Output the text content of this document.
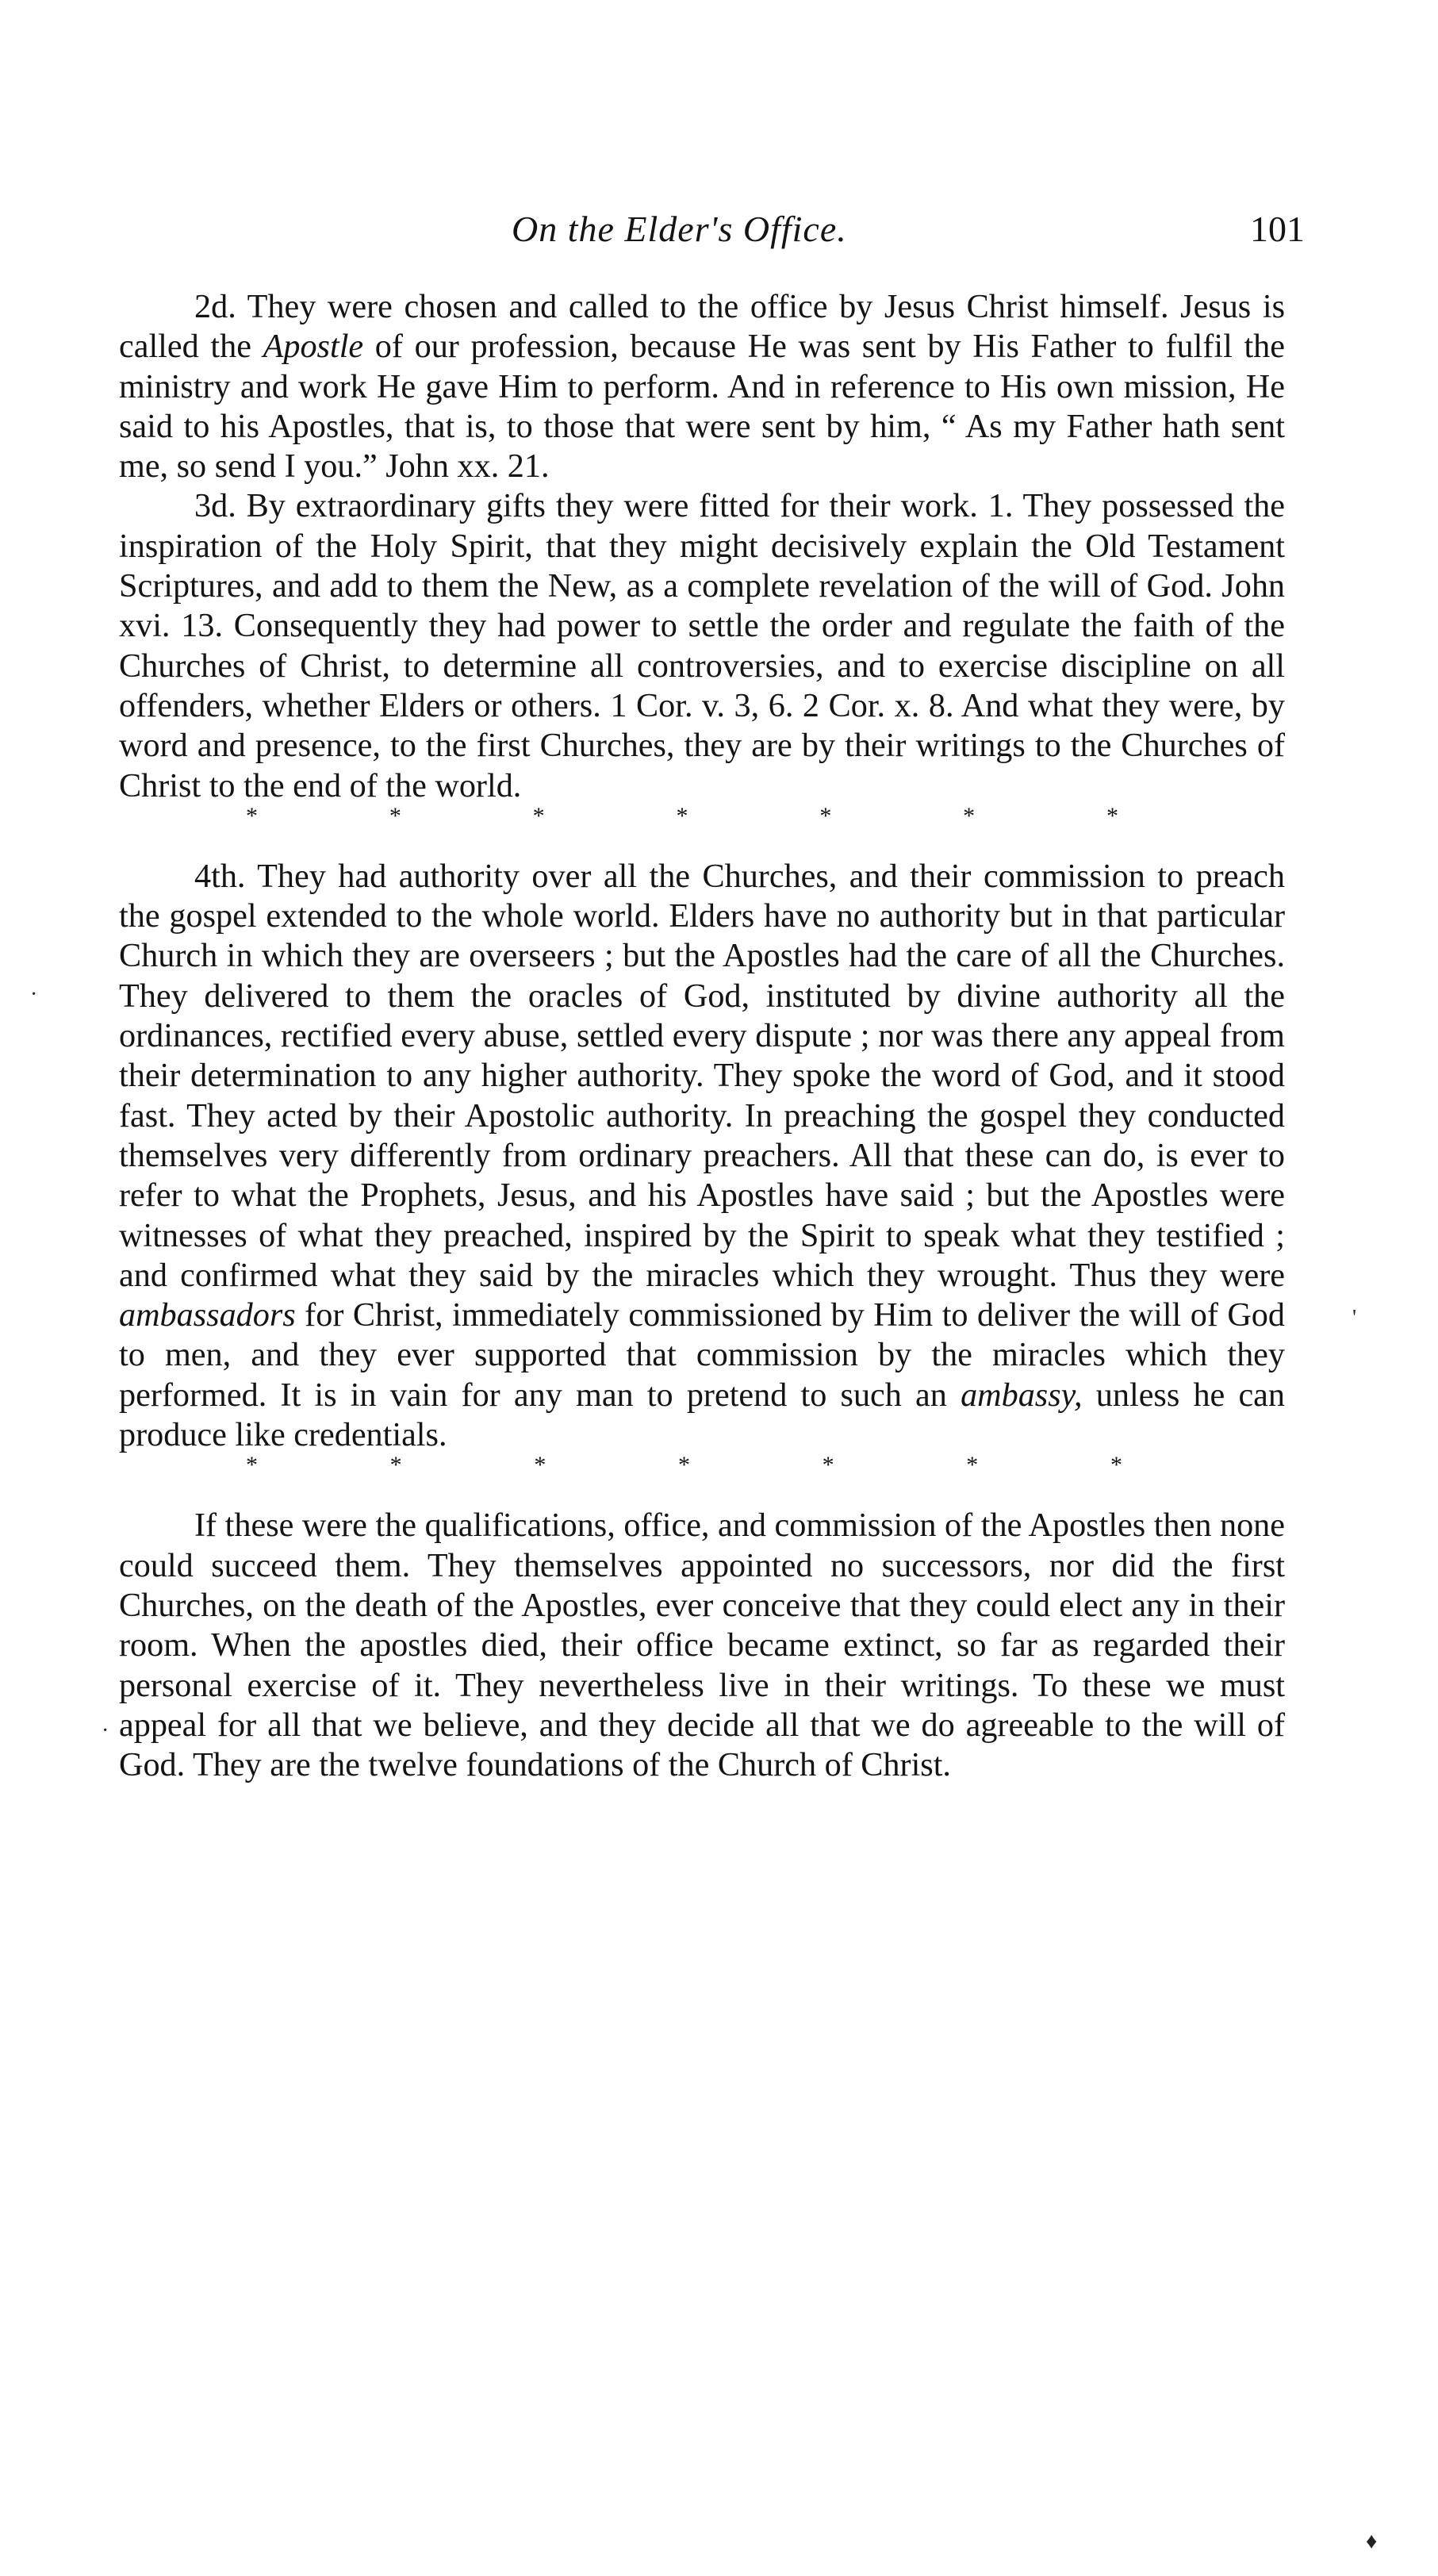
On the Elder's Office.	101

2d. They were chosen and called to the office by Jesus Christ himself. Jesus is called the Apostle of our profession, because He was sent by His Father to fulfil the ministry and work He gave Him to perform. And in reference to His own mission, He said to his Apostles, that is, to those that were sent by him, “ As my Father hath sent me, so send I you.” John xx. 21.

3d. By extraordinary gifts they were fitted for their work. 1. They possessed the inspiration of the Holy Spirit, that they might decisively explain the Old Testament Scriptures, and add to them the New, as a complete revelation of the will of God. John xvi. 13. Consequently they had power to settle the order and regulate the faith of the Churches of Christ, to determine all controversies, and to exercise discipline on all offenders, whether Elders or others. 1 Cor. v. 3, 6. 2 Cor. x. 8. And what they were, by word and presence, to the first Churches, they are by their writings to the Churches of Christ to the end of the world.

*	*	*	*	*	*	*

4th. They had authority over all the Churches, and their commission to preach the gospel extended to the whole world. Elders have no authority but in that particular Church in which they are overseers ; but the Apostles had the care of all the Churches. They delivered to them the oracles of God, instituted by divine authority all the ordinances, rectified every abuse, settled every dispute ; nor was there any appeal from their determination to any higher authority. They spoke the word of God, and it stood fast. They acted by their Apostolic authority. In preaching the gospel they conducted themselves very differently from ordinary preachers. All that these can do, is ever to refer to what the Prophets, Jesus, and his Apostles have said ; but the Apostles were witnesses of what they preached, inspired by the Spirit to speak what they testified ; and confirmed what they said by the miracles which they wrought. Thus they were ambassadors for Christ, immediately commissioned by Him to deliver the will of God to men, and they ever supported that commission by the miracles which they performed. It is in vain for any man to pretend to such an ambassy, unless he can produce like credentials.

*	*	*	*	*	*	*

If these were the qualifications, office, and commission of the Apostles then none could succeed them. They themselves appointed no successors, nor did the first Churches, on the death of the Apostles, ever conceive that they could elect any in their room. When the apostles died, their office became extinct, so far as regarded their personal exercise of it. They nevertheless live in their writings. To these we must appeal for all that we believe, and they decide all that we do agreeable to the will of God. They are the twelve foundations of the Church of Christ.

·
'
·
♦
